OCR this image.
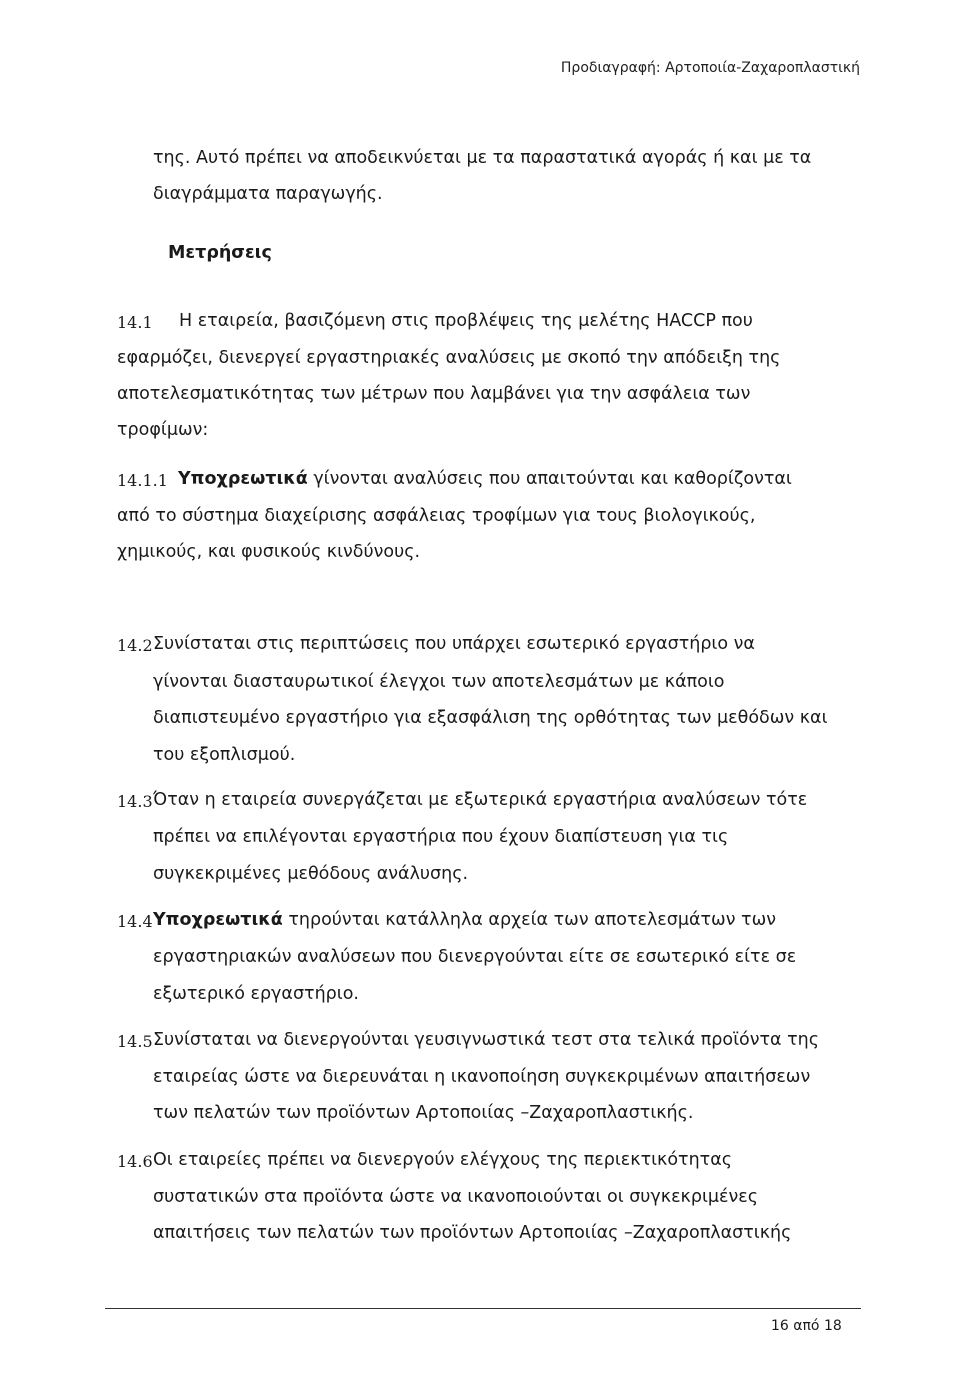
Προδιαγραφή: Αρτοποιία-Ζαχαροπλαστική
της. Αυτό πρέπει να αποδεικνύεται με τα παραστατικά αγοράς ή και με τα
διαγράμματα παραγωγής.
Μετρήσεις
14.1 Η εταιρεία, βασιζόμενη στις προβλέψεις της μελέτης HACCP που
εφαρμόζει, διενεργεί εργαστηριακές αναλύσεις με σκοπό την απόδειξη της
αποτελεσματικότητας των μέτρων που λαμβάνει για την ασφάλεια των
τροφίμων:
14.1.1 Υποχρεωτικά γίνονται αναλύσεις που απαιτούνται και καθορίζονται
από το σύστημα διαχείρισης ασφάλειας τροφίμων για τους βιολογικούς,
χημικούς, και φυσικούς κινδύνους.
14.2 Συνίσταται στις περιπτώσεις που υπάρχει εσωτερικό εργαστήριο να
γίνονται διασταυρωτικοί έλεγχοι των αποτελεσμάτων με κάποιο
διαπιστευμένο εργαστήριο για εξασφάλιση της ορθότητας των μεθόδων και
του εξοπλισμού.
14.3 Όταν η εταιρεία συνεργάζεται με εξωτερικά εργαστήρια αναλύσεων τότε
πρέπει να επιλέγονται εργαστήρια που έχουν διαπίστευση για τις
συγκεκριμένες μεθόδους ανάλυσης.
14.4 Υποχρεωτικά τηρούνται κατάλληλα αρχεία των αποτελεσμάτων των
εργαστηριακών αναλύσεων που διενεργούνται είτε σε εσωτερικό είτε σε
εξωτερικό εργαστήριο.
14.5 Συνίσταται να διενεργούνται γευσιγνωστικά τεστ στα τελικά προϊόντα της
εταιρείας ώστε να διερευνάται η ικανοποίηση συγκεκριμένων απαιτήσεων
των πελατών των προϊόντων Αρτοποιίας –Ζαχαροπλαστικής.
14.6 Οι εταιρείες πρέπει να διενεργούν ελέγχους της περιεκτικότητας
συστατικών στα προϊόντα ώστε να ικανοποιούνται οι συγκεκριμένες
απαιτήσεις των πελατών των προϊόντων Αρτοποιίας –Ζαχαροπλαστικής
16 από 18
